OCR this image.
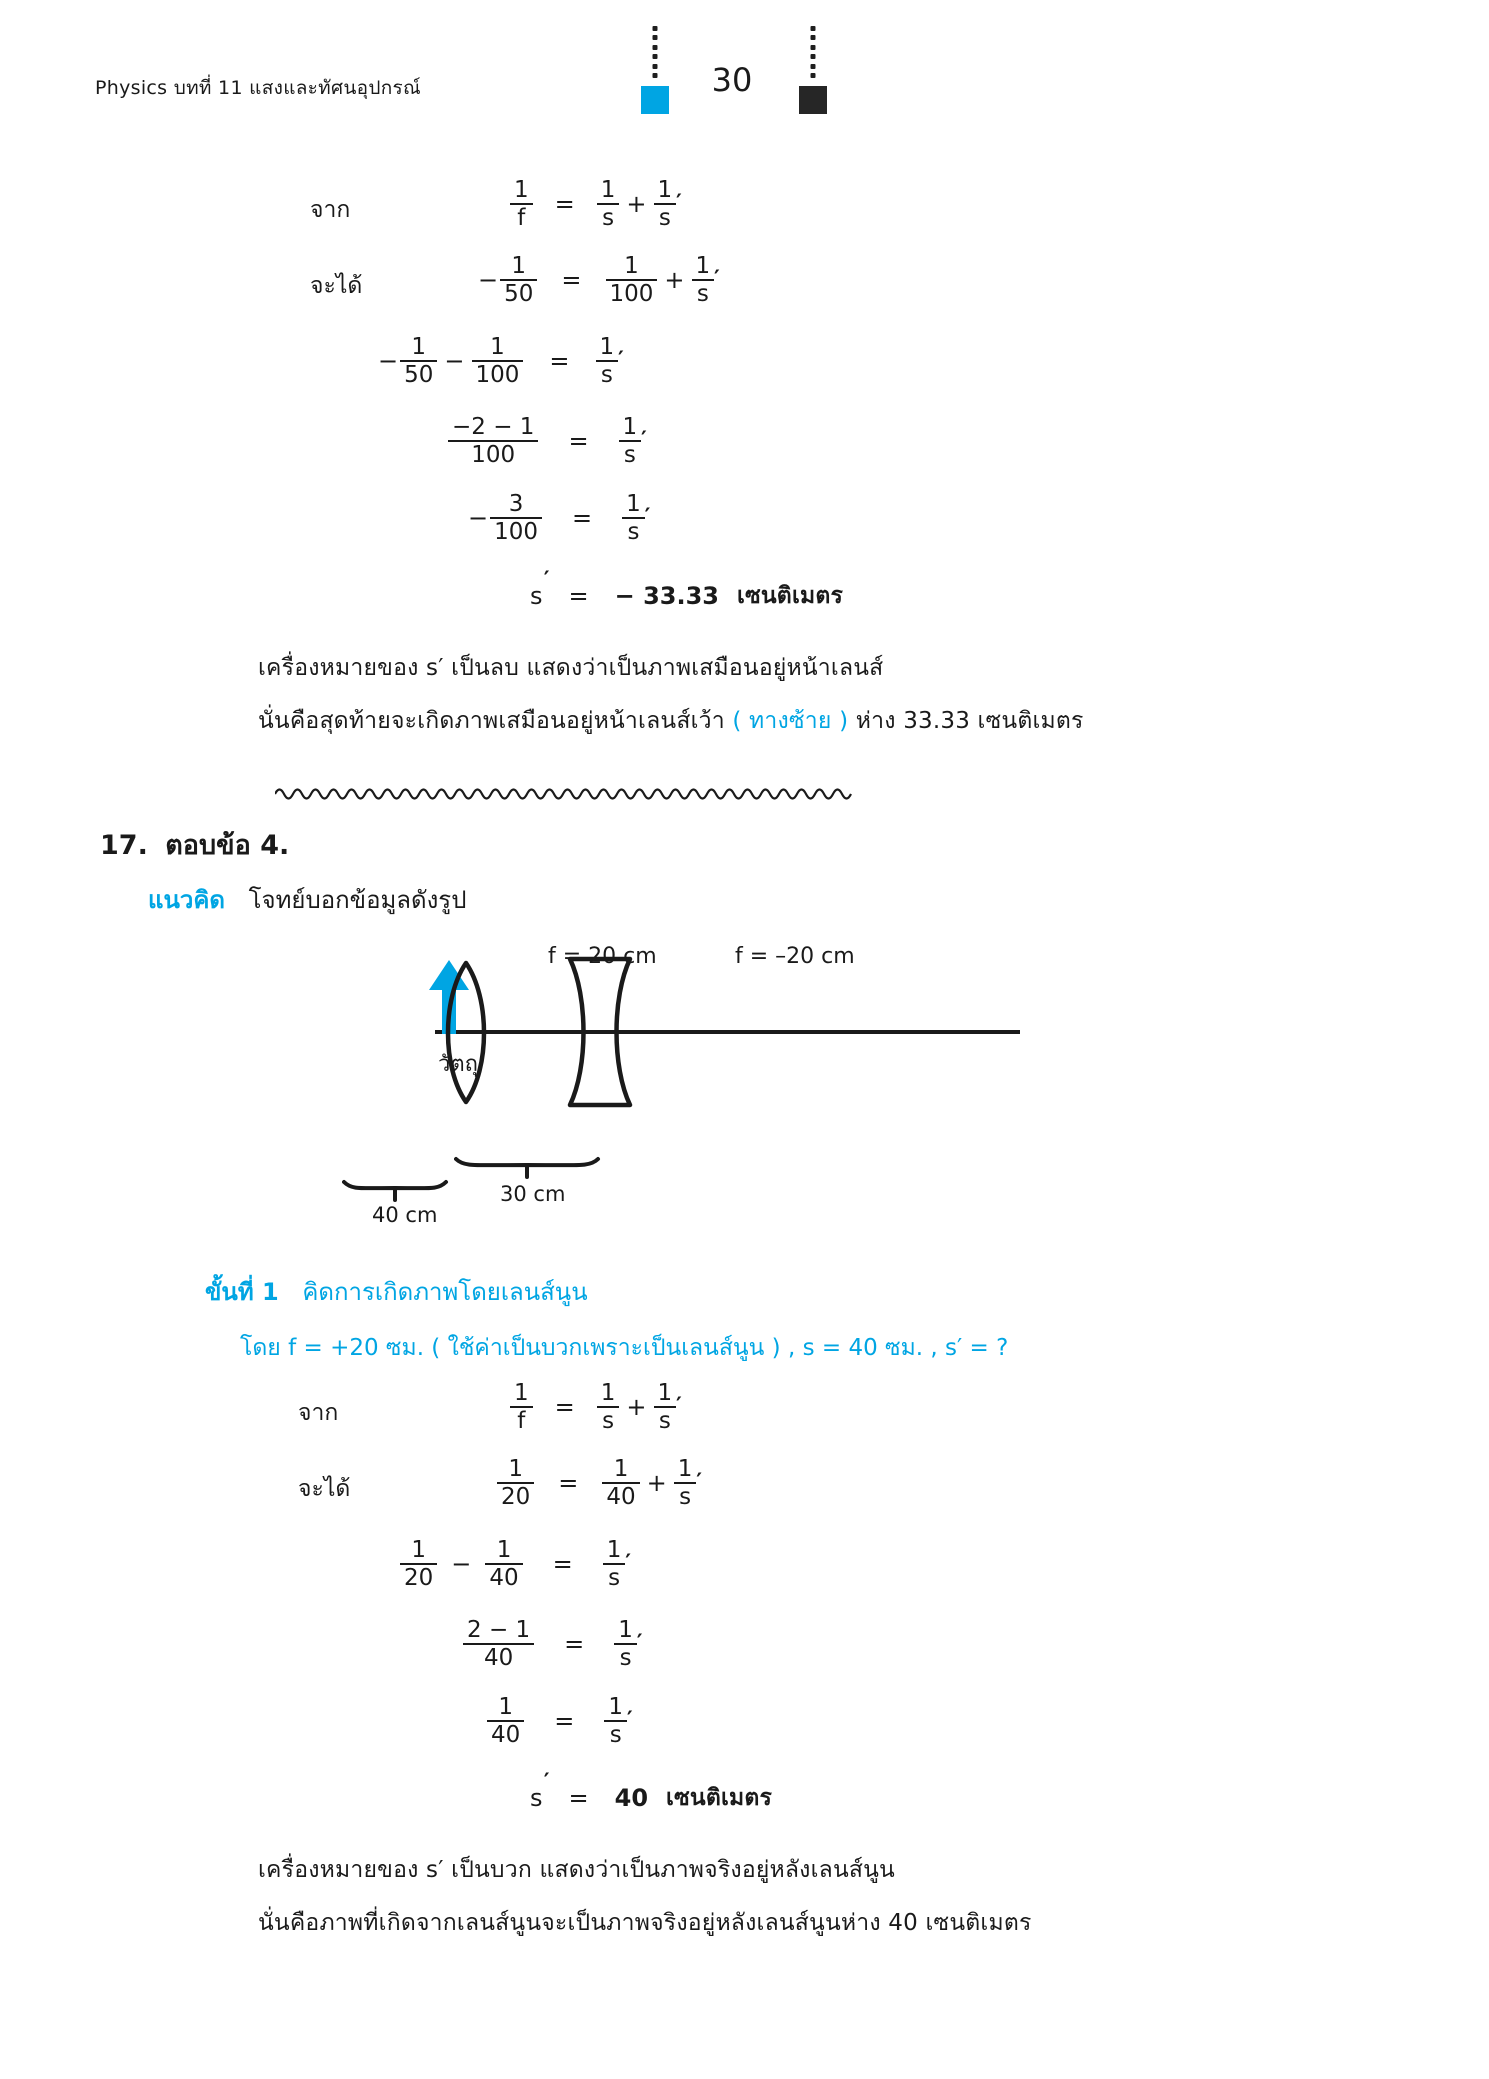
Physics บทที่ 11 แสงและทัศนอุปกรณ์	30
จาก	$\frac{1}{f} = \frac{1}{s} + \frac{1}{s}$ ′
จะได้	− $\frac{1}{50}$	=	$\frac{1}{100} + \frac{1}{s}$ ′
− $\frac{1}{50} - \frac{1}{100}$	=	$\frac{1}{s}$ ′
$\frac{-2 - 1}{100}$	=	$\frac{1}{s}$ ′
− $\frac{3}{100}$	=	$\frac{1}{s}$ ′
s ′	=	− 33.33 เซนติเมตร
เครื่องหมายของ s′ เป็นลบ แสดงว่าเป็นภาพเสมือนอยู่หน้าเลนส์
นั่นคือสุดท้ายจะเกิดภาพเสมือนอยู่หน้าเลนส์เว้า ( ทางซ้าย ) ห่าง 33.33 เซนติเมตร
17. ตอบข้อ 4.
แนวคิด โจทย์บอกข้อมูลดังรูป
f = 20 cm	f = –20 cm
วัตถุ
40 cm
30 cm
ขั้นที่ 1 คิดการเกิดภาพโดยเลนส์นูน
โดย f = +20 ซม. ( ใช้ค่าเป็นบวกเพราะเป็นเลนส์นูน ) , s = 40 ซม. , s′ = ?
จาก	$\frac{1}{f} = \frac{1}{s} + \frac{1}{s}$ ′
จะได้	$\frac{1}{20}$	=	$\frac{1}{40} + \frac{1}{s}$ ′
$\frac{1}{20} - \frac{1}{40}$	=	$\frac{1}{s}$ ′
$\frac{2 - 1}{40}$	=	$\frac{1}{s}$ ′
$\frac{1}{40}$	=	$\frac{1}{s}$ ′
s ′	=	40 เซนติเมตร
เครื่องหมายของ s′ เป็นบวก แสดงว่าเป็นภาพจริงอยู่หลังเลนส์นูน
นั่นคือภาพที่เกิดจากเลนส์นูนจะเป็นภาพจริงอยู่หลังเลนส์นูนห่าง 40 เซนติเมตร
